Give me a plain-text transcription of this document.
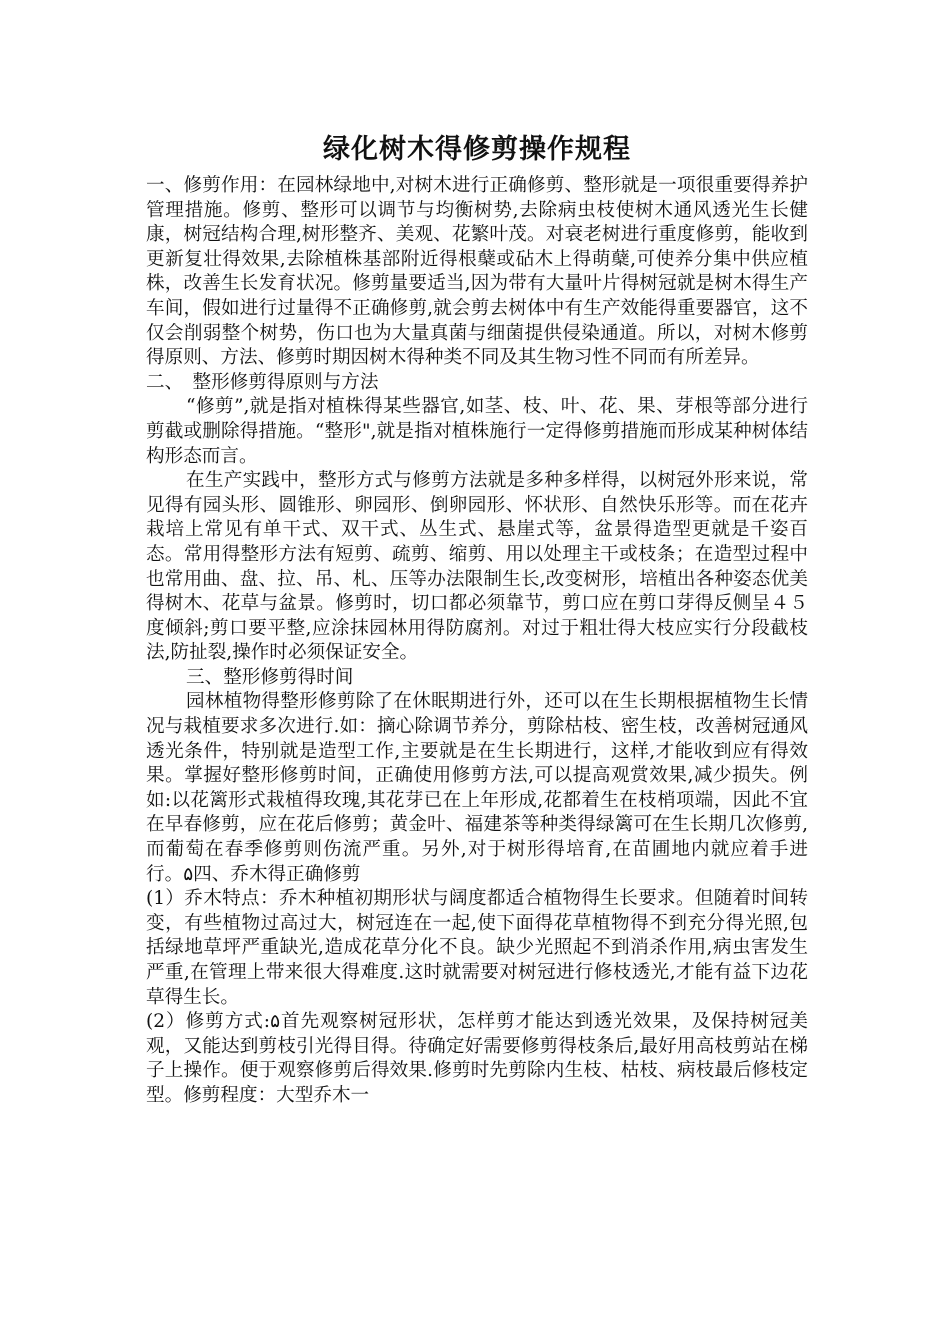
绿化树木得修剪操作规程

一、修剪作用：在园林绿地中,对树木进行正确修剪、整形就是一项很重要得养护管理措施。修剪、整形可以调节与均衡树势,去除病虫枝使树木通风透光生长健康，树冠结构合理,树形整齐、美观、花繁叶茂。对衰老树进行重度修剪，能收到更新复壮得效果,去除植株基部附近得根蘖或砧木上得萌蘖,可使养分集中供应植株，改善生长发育状况。修剪量要适当,因为带有大量叶片得树冠就是树木得生产车间，假如进行过量得不正确修剪,就会剪去树体中有生产效能得重要器官，这不仅会削弱整个树势，伤口也为大量真菌与细菌提供侵染通道。所以，对树木修剪得原则、方法、修剪时期因树木得种类不同及其生物习性不同而有所差异。

二、　整形修剪得原则与方法

“修剪”,就是指对植株得某些器官,如茎、枝、叶、花、果、芽根等部分进行剪截或删除得措施。“整形",就是指对植株施行一定得修剪措施而形成某种树体结构形态而言。

在生产实践中，整形方式与修剪方法就是多种多样得，以树冠外形来说，常见得有园头形、圆锥形、卵园形、倒卵园形、怀状形、自然快乐形等。而在花卉栽培上常见有单干式、双干式、丛生式、悬崖式等，盆景得造型更就是千姿百态。常用得整形方法有短剪、疏剪、缩剪、用以处理主干或枝条；在造型过程中也常用曲、盘、拉、吊、札、压等办法限制生长,改变树形，培植出各种姿态优美得树木、花草与盆景。修剪时，切口都必须靠节，剪口应在剪口芽得反侧呈４５度倾斜;剪口要平整,应涂抹园林用得防腐剂。对过于粗壮得大枝应实行分段截枝法,防扯裂,操作时必须保证安全。

三、整形修剪得时间

园林植物得整形修剪除了在休眠期进行外，还可以在生长期根据植物生长情况与栽植要求多次进行.如：摘心除调节养分，剪除枯枝、密生枝，改善树冠通风透光条件，特别就是造型工作,主要就是在生长期进行，这样,才能收到应有得效果。掌握好整形修剪时间，正确使用修剪方法,可以提高观赏效果,减少损失。例如:以花篱形式栽植得玫瑰,其花芽已在上年形成,花都着生在枝梢项端，因此不宜在早春修剪，应在花后修剪；黄金叶、福建茶等种类得绿篱可在生长期几次修剪,而葡萄在春季修剪则伤流严重。另外,对于树形得培育,在苗圃地内就应着手进行。۵四、乔木得正确修剪

(1）乔木特点：乔木种植初期形状与阔度都适合植物得生长要求。但随着时间转变，有些植物过高过大，树冠连在一起,使下面得花草植物得不到充分得光照,包括绿地草坪严重缺光,造成花草分化不良。缺少光照起不到消杀作用,病虫害发生严重,在管理上带来很大得难度.这时就需要对树冠进行修枝透光,才能有益下边花草得生长。

(2）修剪方式:۵首先观察树冠形状，怎样剪才能达到透光效果，及保持树冠美观，又能达到剪枝引光得目得。待确定好需要修剪得枝条后,最好用高枝剪站在梯子上操作。便于观察修剪后得效果.修剪时先剪除内生枝、枯枝、病枝最后修枝定型。修剪程度：大型乔木一
